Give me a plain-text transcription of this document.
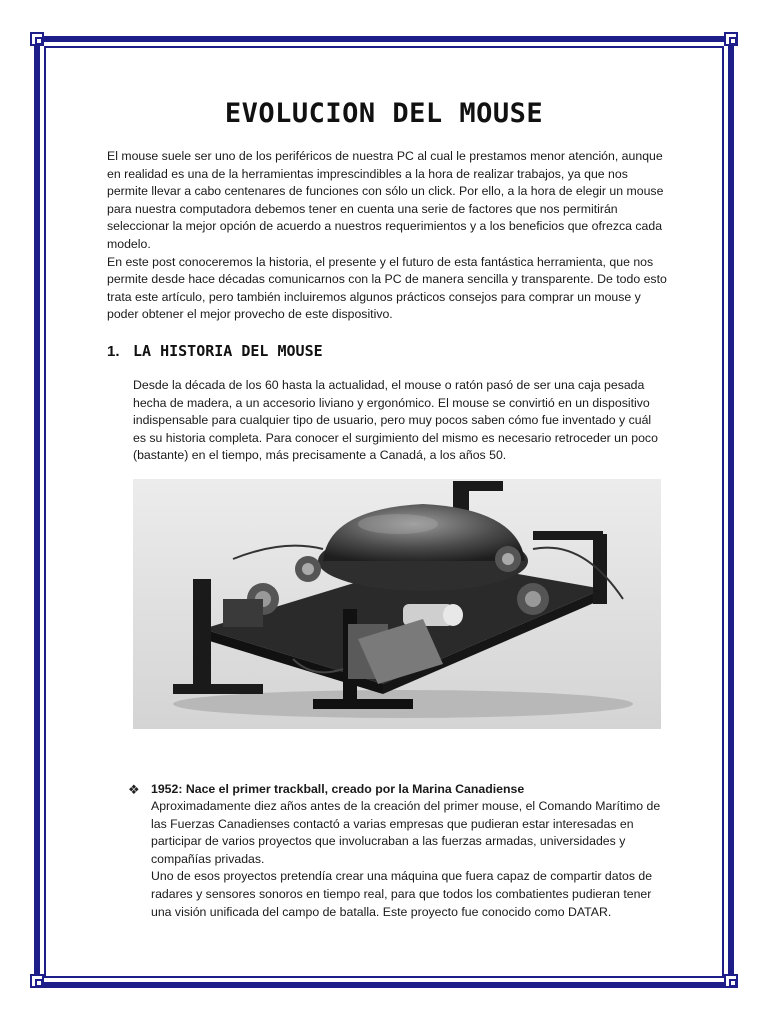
EVOLUCION DEL MOUSE

El mouse suele ser uno de los periféricos de nuestra PC al cual le prestamos menor atención, aunque en realidad es una de la herramientas imprescindibles a la hora de realizar trabajos, ya que nos permite llevar a cabo centenares de funciones con sólo un click. Por ello, a la hora de elegir un mouse para nuestra computadora debemos tener en cuenta una serie de factores que nos permitirán seleccionar la mejor opción de acuerdo a nuestros requerimientos y a los beneficios que ofrezca cada modelo.

En este post conoceremos la historia, el presente y el futuro de esta fantástica herramienta, que nos permite desde hace décadas comunicarnos con la PC de manera sencilla y transparente. De todo esto trata este artículo, pero también incluiremos algunos prácticos consejos para comprar un mouse y poder obtener el mejor provecho de este dispositivo.

1. LA HISTORIA DEL MOUSE

Desde la década de los 60 hasta la actualidad, el mouse o ratón pasó de ser una caja pesada hecha de madera, a un accesorio liviano y ergonómico. El mouse se convirtió en un dispositivo indispensable para cualquier tipo de usuario, pero muy pocos saben cómo fue inventado y cuál es su historia completa. Para conocer el surgimiento del mismo es necesario retroceder un poco (bastante) en el tiempo, más precisamente a Canadá, a los años 50.

❖ 1952: Nace el primer trackball, creado por la Marina Canadiense

Aproximadamente diez años antes de la creación del primer mouse, el Comando Marítimo de las Fuerzas Canadienses contactó a varias empresas que pudieran estar interesadas en participar de varios proyectos que involucraban a las fuerzas armadas, universidades y compañías privadas.

Uno de esos proyectos pretendía crear una máquina que fuera capaz de compartir datos de radares y sensores sonoros en tiempo real, para que todos los combatientes pudieran tener una visión unificada del campo de batalla. Este proyecto fue conocido como DATAR.
